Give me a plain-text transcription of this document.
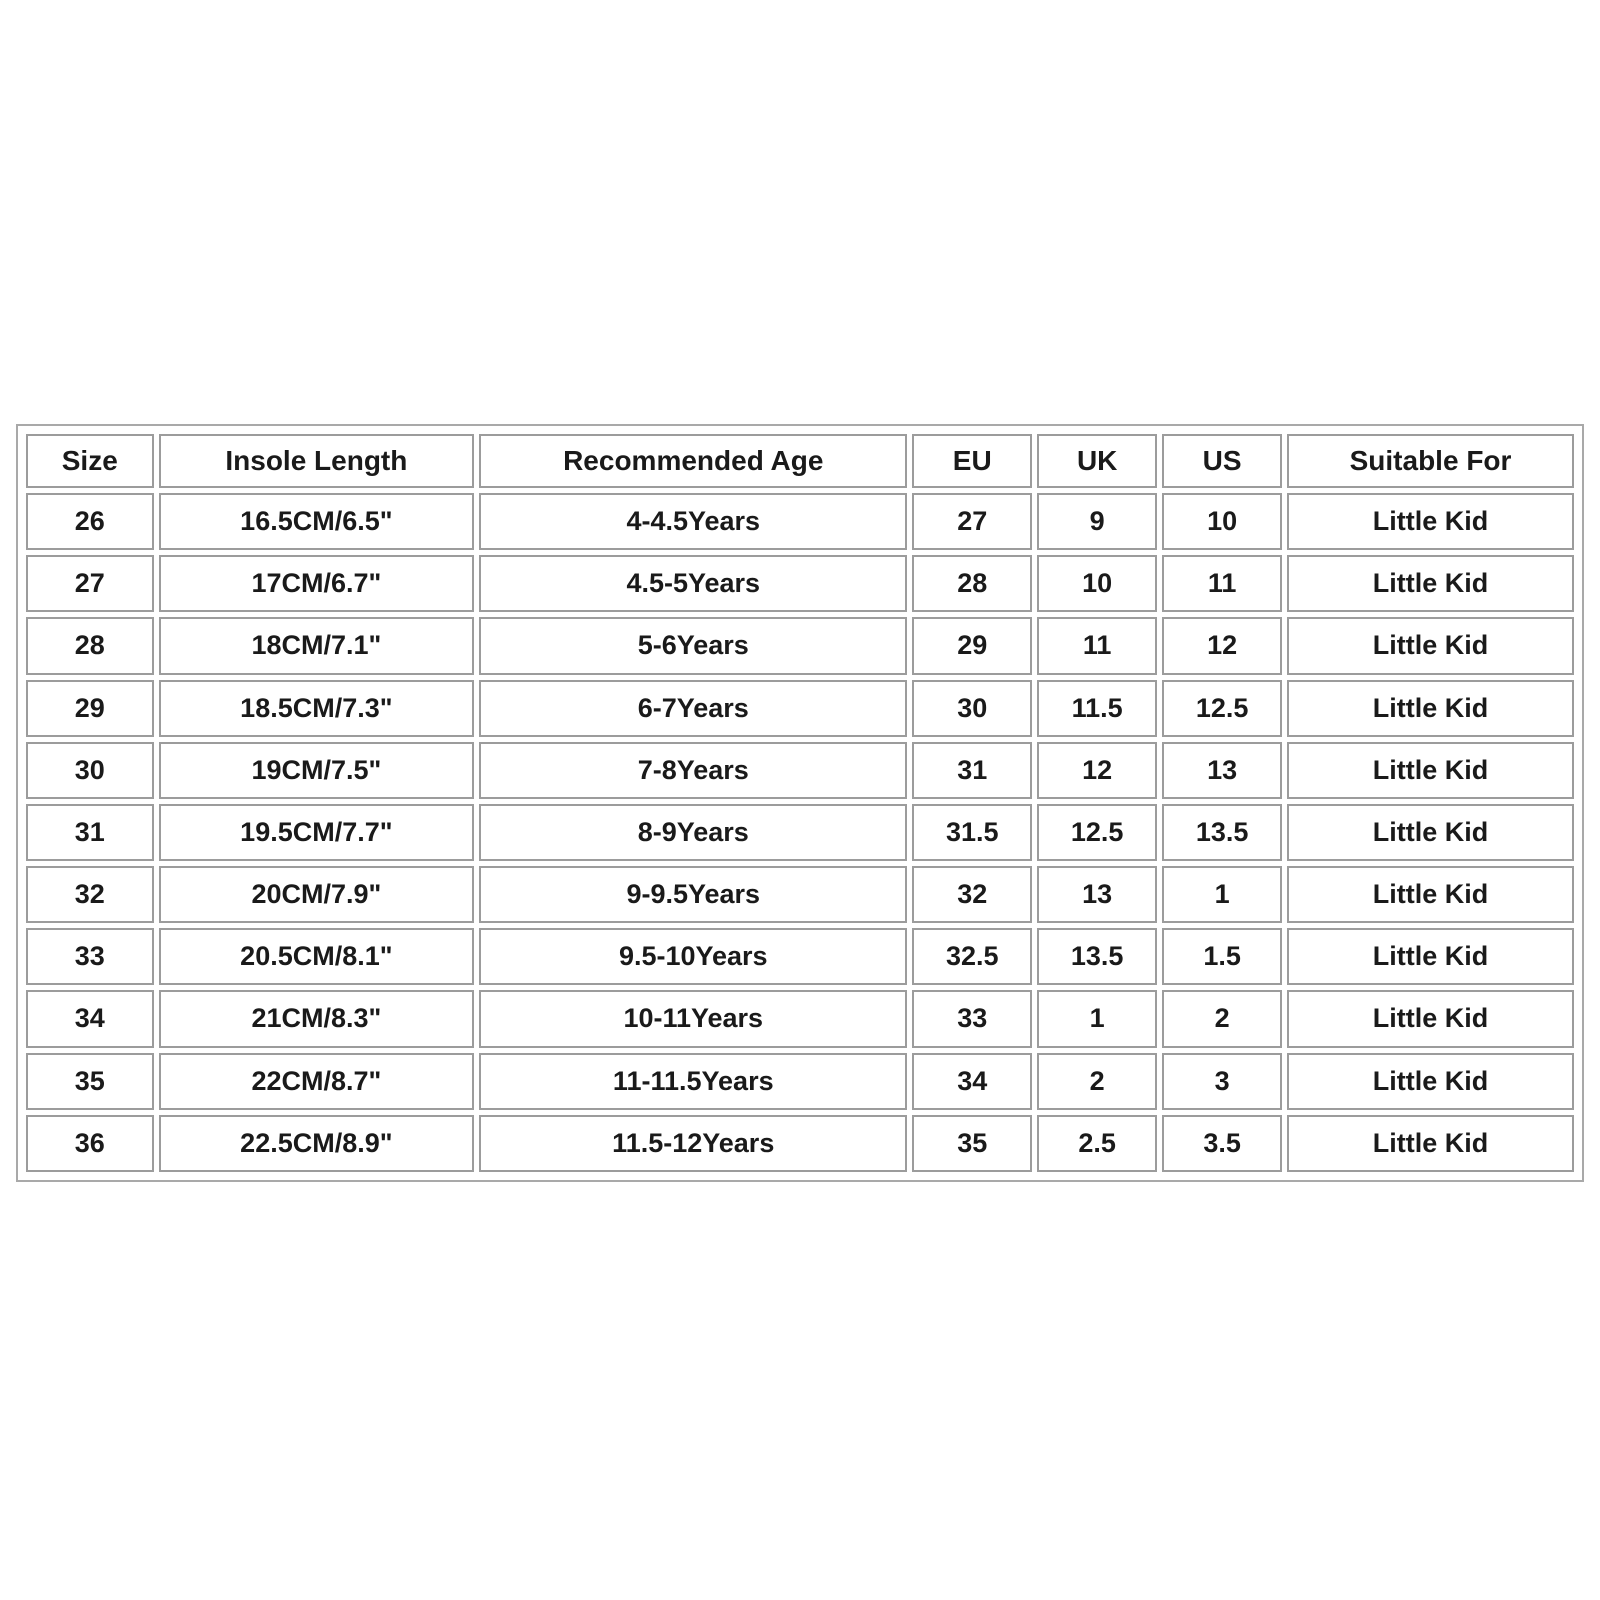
Size	Insole Length	Recommended Age	EU	UK	US	Suitable For
26	16.5CM/6.5"	4-4.5Years	27	9	10	Little Kid
27	17CM/6.7"	4.5-5Years	28	10	11	Little Kid
28	18CM/7.1"	5-6Years	29	11	12	Little Kid
29	18.5CM/7.3"	6-7Years	30	11.5	12.5	Little Kid
30	19CM/7.5"	7-8Years	31	12	13	Little Kid
31	19.5CM/7.7"	8-9Years	31.5	12.5	13.5	Little Kid
32	20CM/7.9"	9-9.5Years	32	13	1	Little Kid
33	20.5CM/8.1"	9.5-10Years	32.5	13.5	1.5	Little Kid
34	21CM/8.3"	10-11Years	33	1	2	Little Kid
35	22CM/8.7"	11-11.5Years	34	2	3	Little Kid
36	22.5CM/8.9"	11.5-12Years	35	2.5	3.5	Little Kid
